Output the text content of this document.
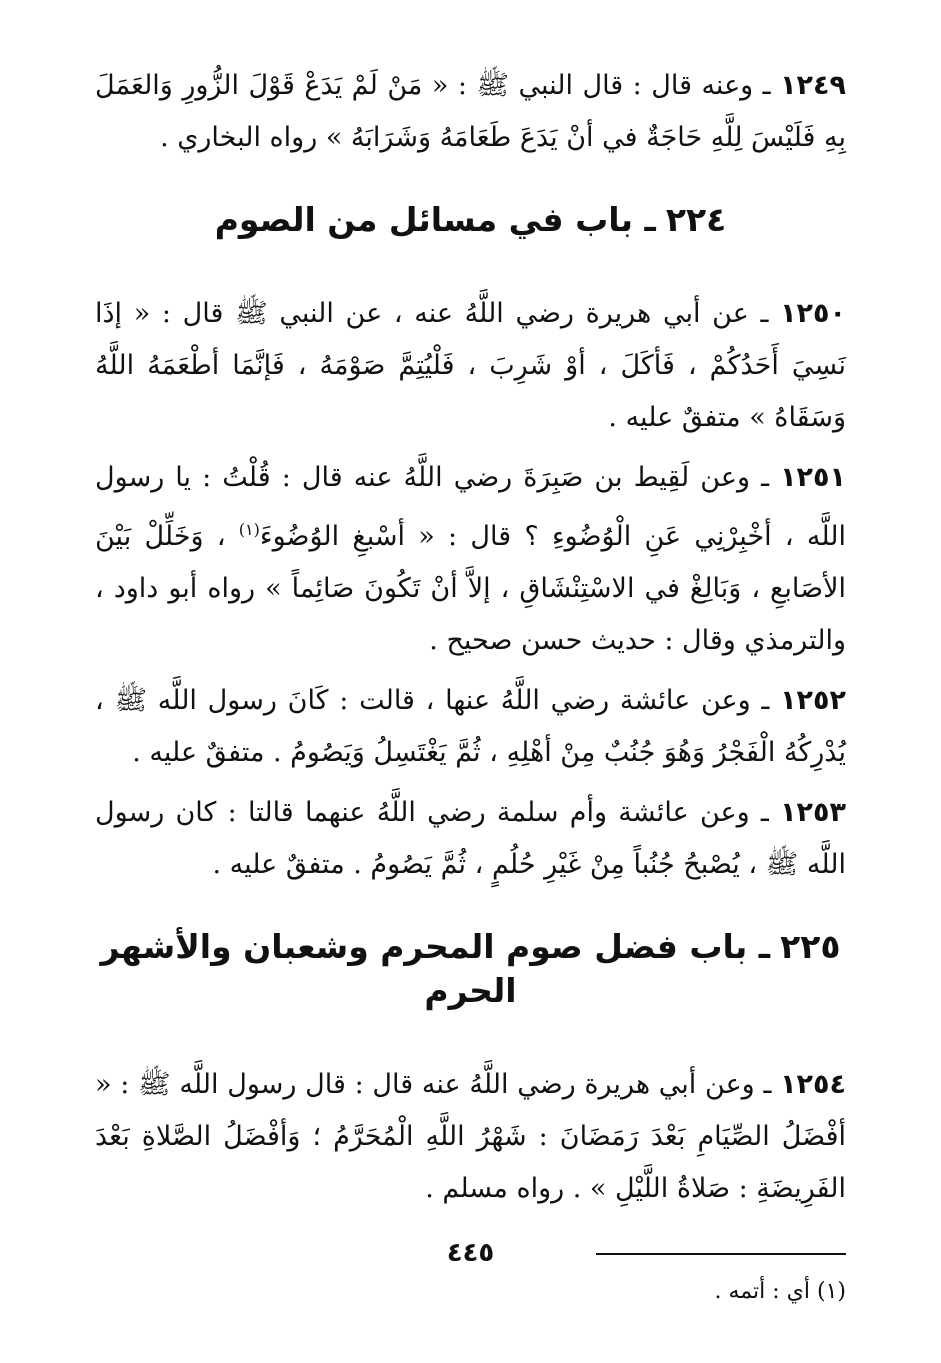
١٢٤٩ ـ وعنه قال : قال النبي ﷺ : « مَنْ لَمْ يَدَعْ قَوْلَ الزُّورِ وَالعَمَلَ بِهِ فَلَيْسَ لِلَّهِ حَاجَةٌ في أنْ يَدَعَ طَعَامَهُ وَشَرَابَهُ » رواه البخاري .

٢٢٤ـ باب في مسائل من الصوم

١٢٥٠ ـ عن أبي هريرة رضي اللَّهُ عنه ، عن النبي ﷺ قال : « إذَا نَسِيَ أَحَدُكُمْ ، فَأكَلَ ، أوْ شَرِبَ ، فَلْيُتِمَّ صَوْمَهُ ، فَإنَّمَا أطْعَمَهُ اللَّهُ وَسَقَاهُ » متفقٌ عليه .

١٢٥١ ـ وعن لَقِيط بن صَبِرَةَ رضي اللَّهُ عنه قال : قُلْتُ : يا رسول اللَّه ، أخْبِرْنِي عَنِ الْوُضُوءِ ؟ قال : « أسْبغِ الوُضُوءَ$^{(١)}$ ، وَخَلِّلْ بَيْنَ الأصَابعِ ، وَبَالِغْ في الاسْتِنْشَاقِ ، إلاَّ أنْ تَكُونَ صَائِماً » رواه أبو داود ، والترمذي وقال : حديث حسن صحيح .

١٢٥٢ ـ وعن عائشة رضي اللَّهُ عنها ، قالت : كَانَ رسول اللَّه ﷺ ، يُدْرِكُهُ الْفَجْرُ وَهُوَ جُنُبٌ مِنْ أهْلِهِ ، ثُمَّ يَغْتَسِلُ وَيَصُومُ . متفقٌ عليه .

١٢٥٣ ـ وعن عائشة وأم سلمة رضي اللَّهُ عنهما قالتا : كان رسول اللَّه ﷺ ، يُصْبحُ جُنُباً مِنْ غَيْرِ حُلُمٍ ، ثُمَّ يَصُومُ . متفقٌ عليه .

٢٢٥ـ باب فضل صوم المحرم وشعبان والأشهر الحرم

١٢٥٤ ـ وعن أبي هريرة رضي اللَّهُ عنه قال : قال رسول اللَّه ﷺ : « أفْضَلُ الصِّيَامِ بَعْدَ رَمَضَانَ : شَهْرُ اللَّهِ الْمُحَرَّمُ ؛ وَأفْضَلُ الصَّلاةِ بَعْدَ الفَرِيضَةِ : صَلاةُ اللَّيْلِ » . رواه مسلم .

(١) أي : أتمه .

٤٤٥
